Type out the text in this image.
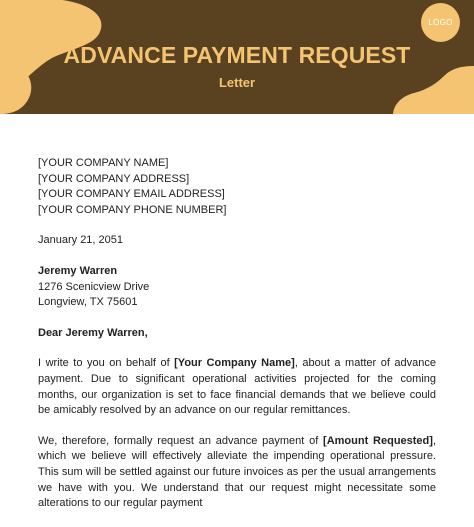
LOGO
ADVANCE PAYMENT REQUEST
Letter

[YOUR COMPANY NAME]

[YOUR COMPANY ADDRESS]

[YOUR COMPANY EMAIL ADDRESS]

[YOUR COMPANY PHONE NUMBER]

January 21, 2051

Jeremy Warren

1276 Scenicview Drive

Longview, TX 75601

Dear Jeremy Warren,

I write to you on behalf of [Your Company Name], about a matter of advance payment. Due to significant operational activities projected for the coming months, our organization is set to face financial demands that we believe could be amicably resolved by an advance on our regular remittances.
We, therefore, formally request an advance payment of [Amount Requested], which we believe will effectively alleviate the impending operational pressure. This sum will be settled against our future invoices as per the usual arrangements we have with you. We understand that our request might necessitate some alterations to our regular payment
